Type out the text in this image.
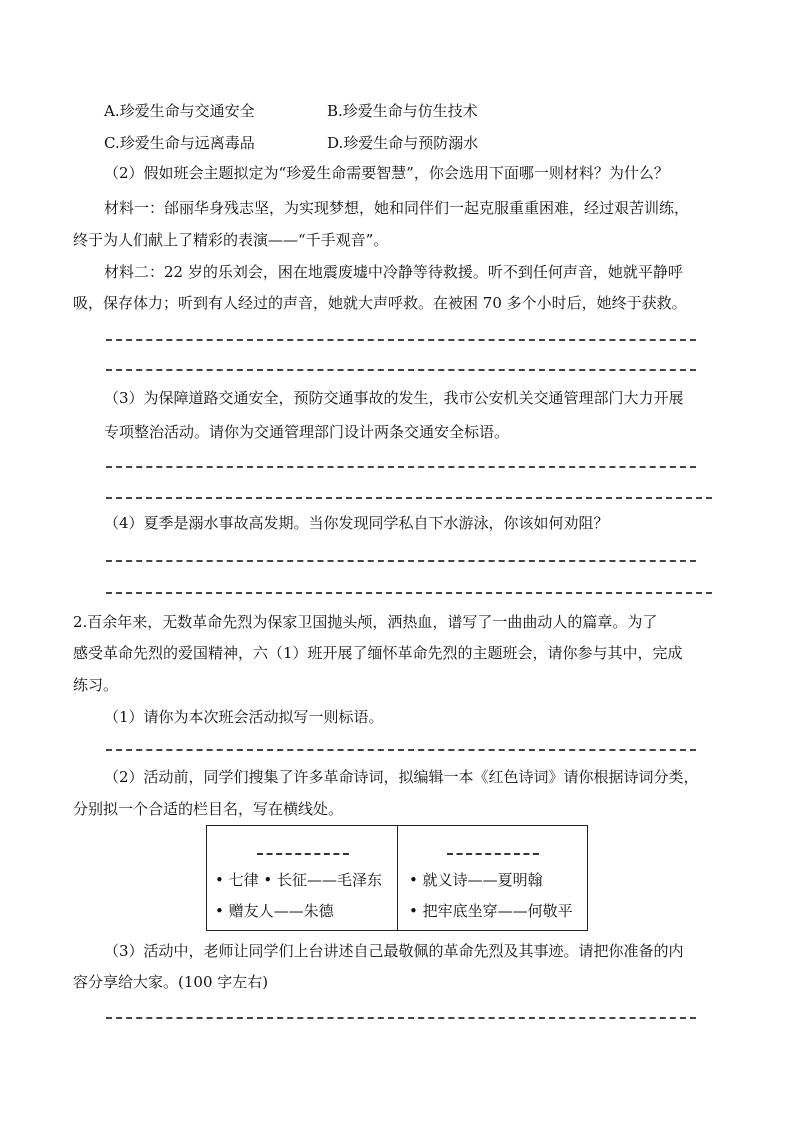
A.珍爱生命与交通安全	B.珍爱生命与仿生技术
C.珍爱生命与远离毒品	D.珍爱生命与预防溺水
（2）假如班会主题拟定为“珍爱生命需要智慧”，你会选用下面哪一则材料？为什么？
材料一：邰丽华身残志坚，为实现梦想，她和同伴们一起克服重重困难，经过艰苦训练，
终于为人们献上了精彩的表演——“千手观音”。
材料二：22 岁的乐刘会，困在地震废墟中冷静等待救援。听不到任何声音，她就平静呼
吸，保存体力；听到有人经过的声音，她就大声呼救。在被困 70 多个小时后，她终于获救。
（3）为保障道路交通安全，预防交通事故的发生，我市公安机关交通管理部门大力开展
专项整治活动。请你为交通管理部门设计两条交通安全标语。
（4）夏季是溺水事故高发期。当你发现同学私自下水游泳，你该如何劝阻？
2.百余年来，无数革命先烈为保家卫国抛头颅，洒热血，谱写了一曲曲动人的篇章。为了
感受革命先烈的爱国精神，六（1）班开展了缅怀革命先烈的主题班会，请你参与其中，完成
练习。
（1）请你为本次班会活动拟写一则标语。
（2）活动前，同学们搜集了许多革命诗词，拟编辑一本《红色诗词》请你根据诗词分类，
分别拟一个合适的栏目名，写在横线处。
• 七律 • 长征——毛泽东
• 赠友人——朱德
• 就义诗——夏明翰
• 把牢底坐穿——何敬平
（3）活动中，老师让同学们上台讲述自己最敬佩的革命先烈及其事迹。请把你准备的内
容分享给大家。(100 字左右)
